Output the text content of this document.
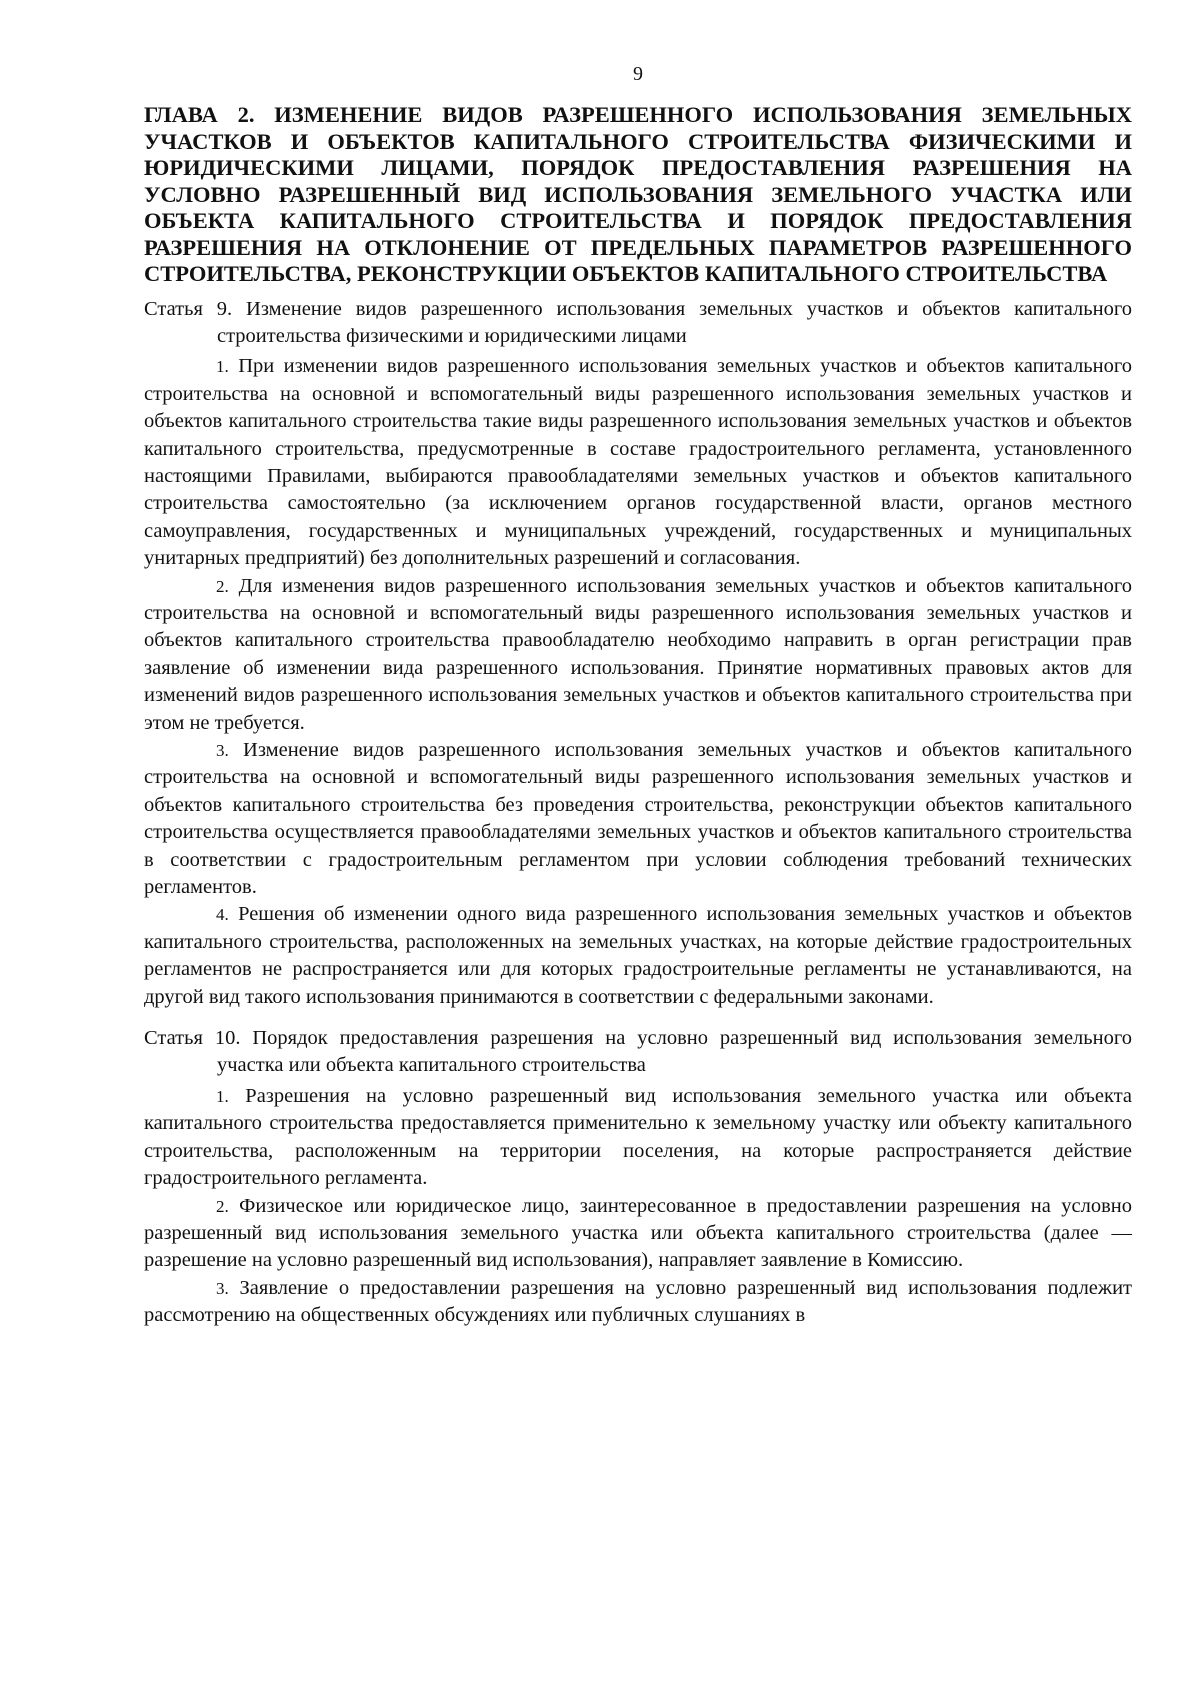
9
ГЛАВА 2. ИЗМЕНЕНИЕ ВИДОВ РАЗРЕШЕННОГО ИСПОЛЬЗОВАНИЯ ЗЕМЕЛЬНЫХ УЧАСТКОВ И ОБЪЕКТОВ КАПИТАЛЬНОГО СТРОИТЕЛЬСТВА ФИЗИЧЕСКИМИ И ЮРИДИЧЕСКИМИ ЛИЦАМИ, ПОРЯДОК ПРЕДОСТАВЛЕНИЯ РАЗРЕШЕНИЯ НА УСЛОВНО РАЗРЕШЕННЫЙ ВИД ИСПОЛЬЗОВАНИЯ ЗЕМЕЛЬНОГО УЧАСТКА ИЛИ ОБЪЕКТА КАПИТАЛЬНОГО СТРОИТЕЛЬСТВА И ПОРЯДОК ПРЕДОСТАВЛЕНИЯ РАЗРЕШЕНИЯ НА ОТКЛОНЕНИЕ ОТ ПРЕДЕЛЬНЫХ ПАРАМЕТРОВ РАЗРЕШЕННОГО СТРОИТЕЛЬСТВА, РЕКОНСТРУКЦИИ ОБЪЕКТОВ КАПИТАЛЬНОГО СТРОИТЕЛЬСТВА

Статья 9. Изменение видов разрешенного использования земельных участков и объектов капитального строительства физическими и юридическими лицами

1. При изменении видов разрешенного использования земельных участков и объектов капитального строительства на основной и вспомогательный виды разрешенного использования земельных участков и объектов капитального строительства такие виды разрешенного использования земельных участков и объектов капитального строительства, предусмотренные в составе градостроительного регламента, установленного настоящими Правилами, выбираются правообладателями земельных участков и объектов капитального строительства самостоятельно (за исключением органов государственной власти, органов местного самоуправления, государственных и муниципальных учреждений, государственных и муниципальных унитарных предприятий) без дополнительных разрешений и согласования.

2. Для изменения видов разрешенного использования земельных участков и объектов капитального строительства на основной и вспомогательный виды разрешенного использования земельных участков и объектов капитального строительства правообладателю необходимо направить в орган регистрации прав заявление об изменении вида разрешенного использования. Принятие нормативных правовых актов для изменений видов разрешенного использования земельных участков и объектов капитального строительства при этом не требуется.

3. Изменение видов разрешенного использования земельных участков и объектов капитального строительства на основной и вспомогательный виды разрешенного использования земельных участков и объектов капитального строительства без проведения строительства, реконструкции объектов капитального строительства осуществляется правообладателями земельных участков и объектов капитального строительства в соответствии с градостроительным регламентом при условии соблюдения требований технических регламентов.

4. Решения об изменении одного вида разрешенного использования земельных участков и объектов капитального строительства, расположенных на земельных участках, на которые действие градостроительных регламентов не распространяется или для которых градостроительные регламенты не устанавливаются, на другой вид такого использования принимаются в соответствии с федеральными законами.

Статья 10. Порядок предоставления разрешения на условно разрешенный вид использования земельного участка или объекта капитального строительства

1. Разрешения на условно разрешенный вид использования земельного участка или объекта капитального строительства предоставляется применительно к земельному участку или объекту капитального строительства, расположенным на территории поселения, на которые распространяется действие градостроительного регламента.

2. Физическое или юридическое лицо, заинтересованное в предоставлении разрешения на условно разрешенный вид использования земельного участка или объекта капитального строительства (далее — разрешение на условно разрешенный вид использования), направляет заявление в Комиссию.

3. Заявление о предоставлении разрешения на условно разрешенный вид использования подлежит рассмотрению на общественных обсуждениях или публичных слушаниях в
